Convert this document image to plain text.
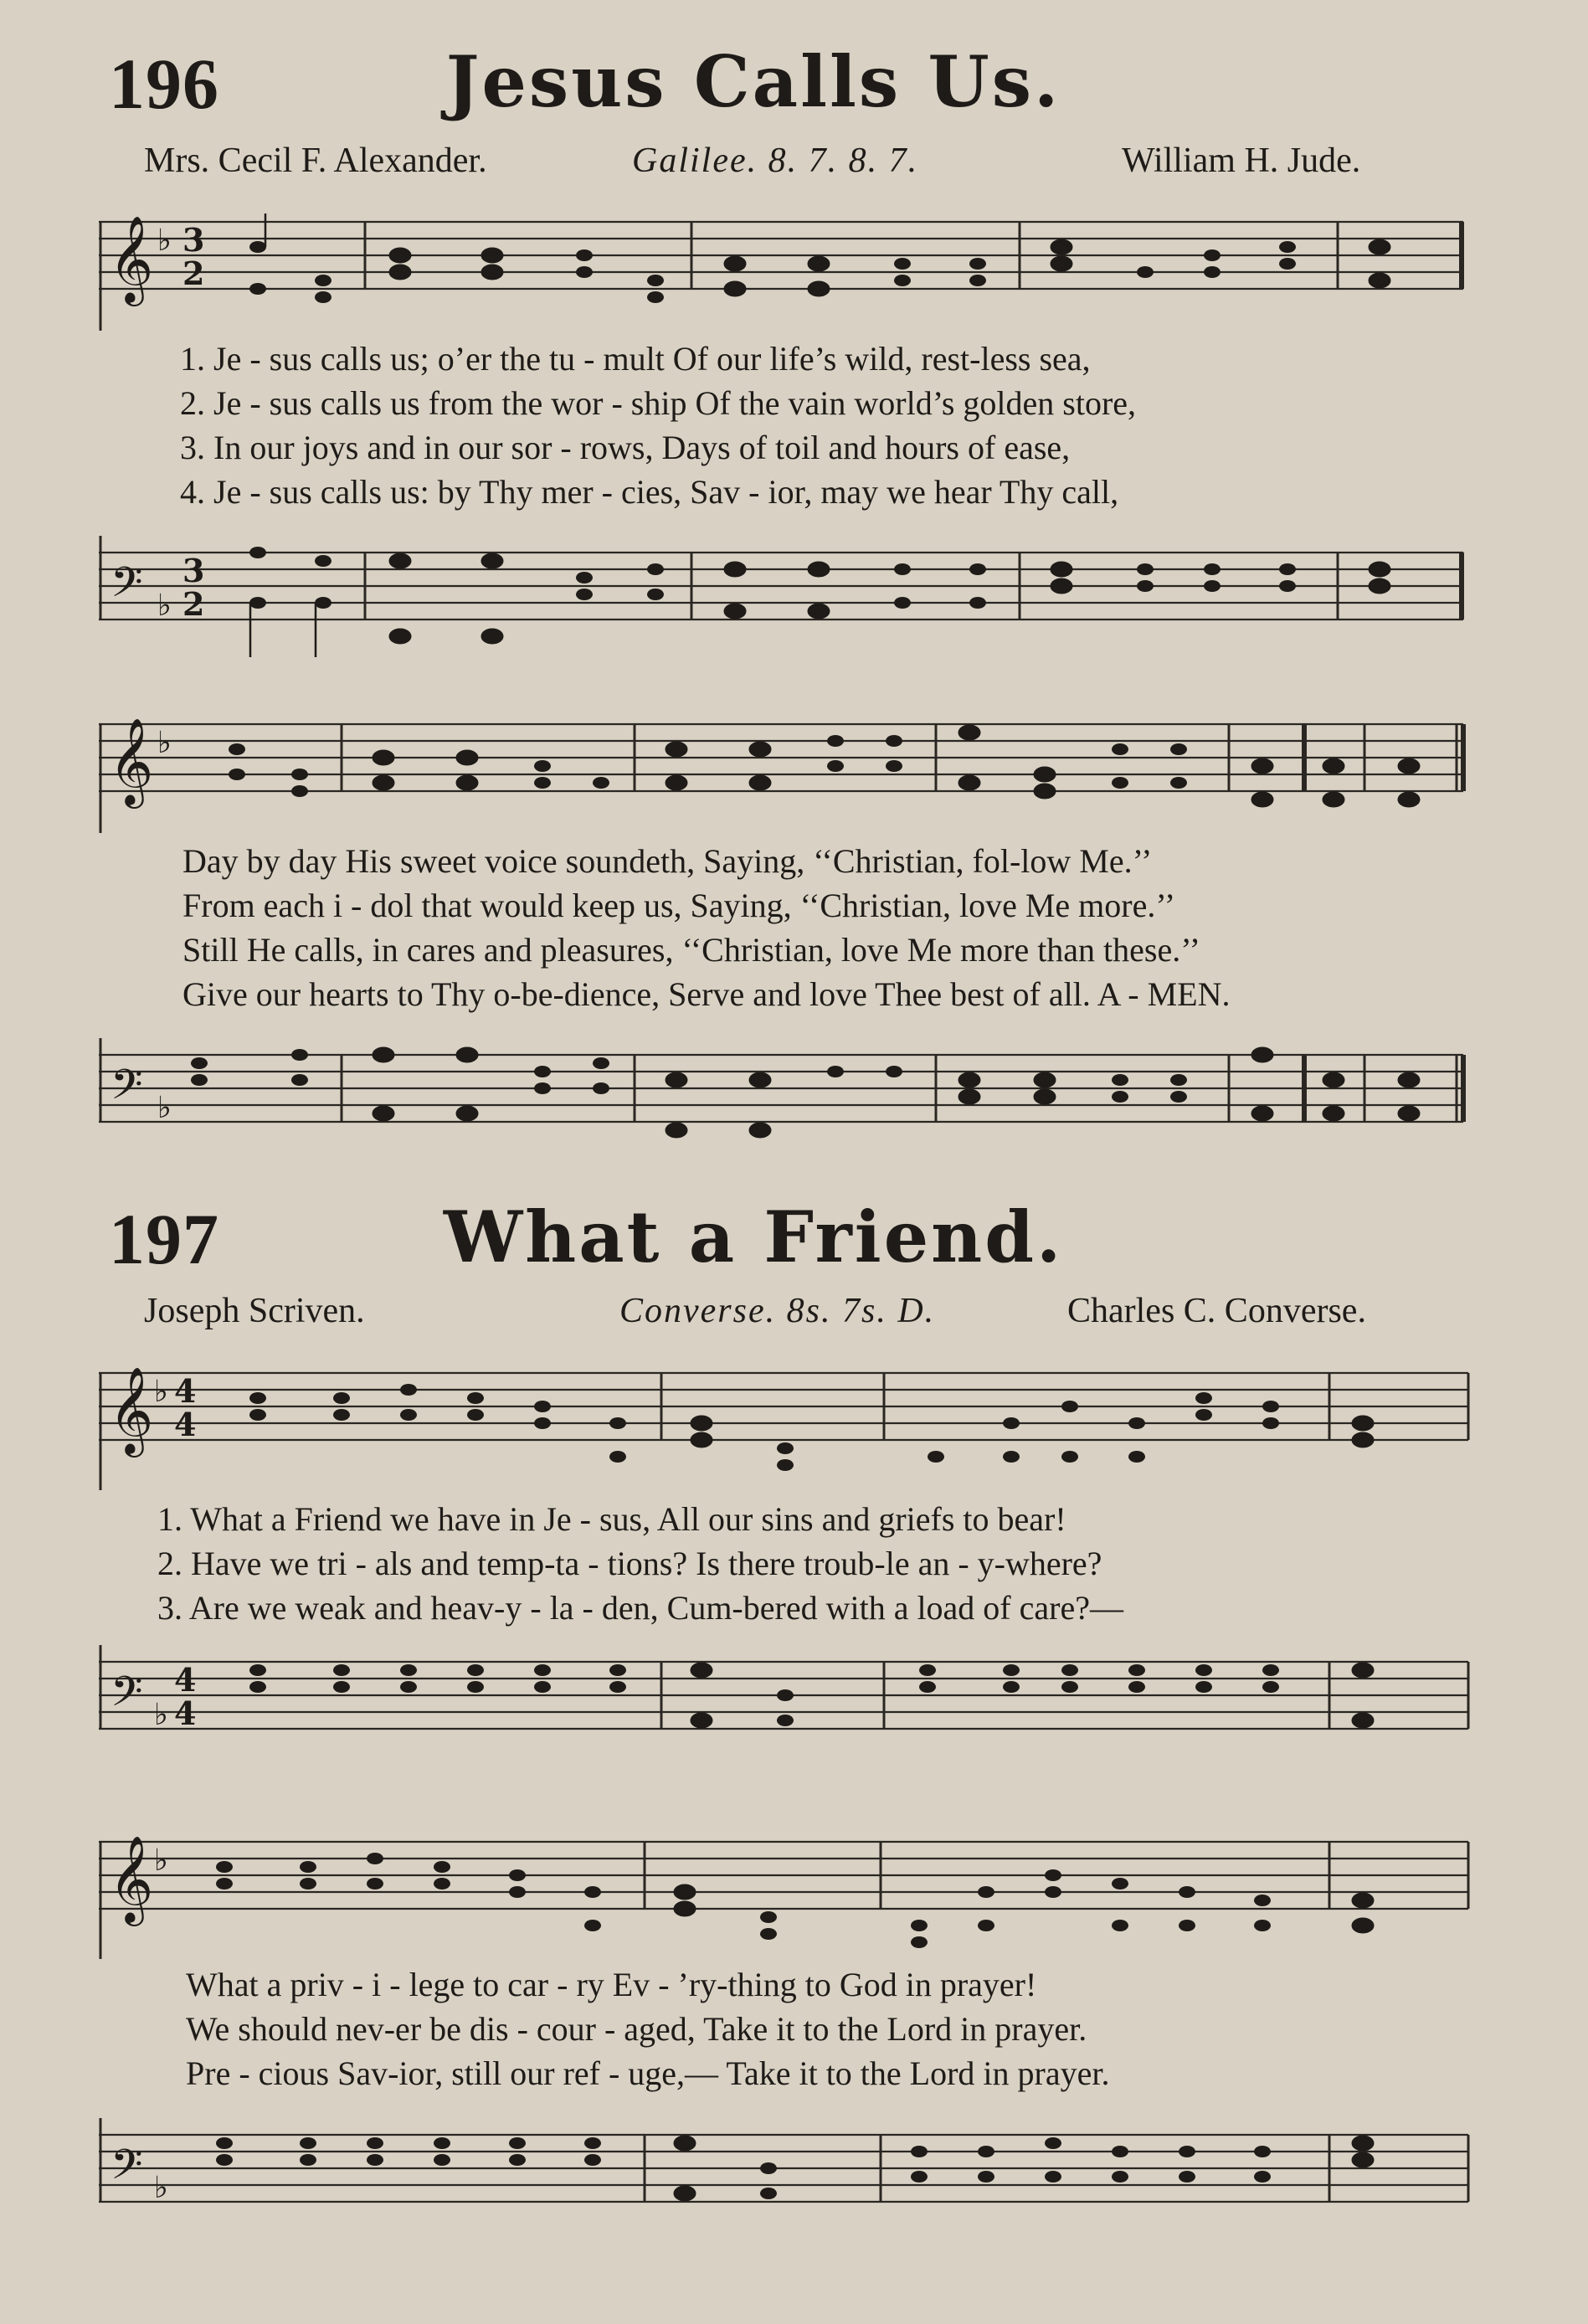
196	Jesus Calls Us.
Mrs. Cecil F. Alexander.	Galilee. 8. 7. 8. 7.	William H. Jude.
𝄞 ♭ 3
2
1. Je - sus calls us; o’er the tu - mult Of our life’s wild, rest-less sea,
2. Je - sus calls us from the wor - ship Of the vain world’s golden store,
3. In our joys and in our sor - rows, Days of toil and hours of ease,
4. Je - sus calls us: by Thy mer - cies, Sav - ior, may we hear Thy call,
𝄢 ♭
3
2
𝄞 ♭
Day by day His sweet voice soundeth, Saying, ‘‘Christian, fol-low Me.’’
From each i - dol that would keep us, Saying, ‘‘Christian, love Me more.’’
Still He calls, in cares and pleasures, ‘‘Christian, love Me more than these.’’
Give our hearts to Thy o-be-dience, Serve and love Thee best of all. A - MEN.
𝄢 ♭
197	What a Friend.
Joseph Scriven.	Converse. 8s. 7s. D.	Charles C. Converse.
𝄞 ♭ 4
4
1. What a Friend we have in Je - sus, All our sins and griefs to bear!
2. Have we tri - als and temp-ta - tions? Is there troub-le an - y-where?
3. Are we weak and heav-y - la - den, Cum-bered with a load of care?—
𝄢 ♭
4
4
𝄞 ♭
What a priv - i - lege to car - ry Ev - ’ry-thing to God in prayer!
We should nev-er be dis - cour - aged, Take it to the Lord in prayer.
Pre - cious Sav-ior, still our ref - uge,— Take it to the Lord in prayer.
𝄢 ♭
